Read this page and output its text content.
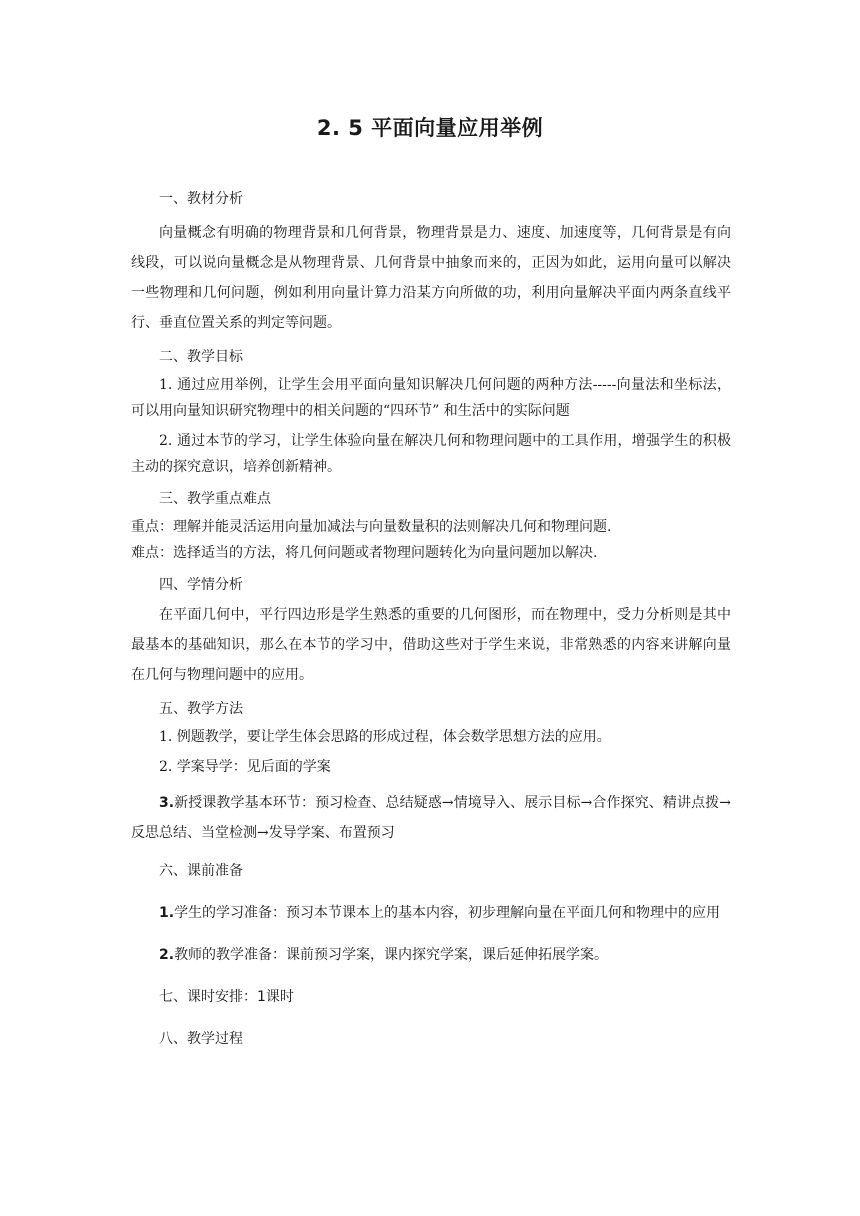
2. 5 平面向量应用举例
一、教材分析
向量概念有明确的物理背景和几何背景，物理背景是力、速度、加速度等，几何背景是有向线段，可以说向量概念是从物理背景、几何背景中抽象而来的，正因为如此，运用向量可以解决一些物理和几何问题，例如利用向量计算力沿某方向所做的功，利用向量解决平面内两条直线平行、垂直位置关系的判定等问题。
二、教学目标
1. 通过应用举例，让学生会用平面向量知识解决几何问题的两种方法-----向量法和坐标法，可以用向量知识研究物理中的相关问题的“四环节” 和生活中的实际问题
2. 通过本节的学习，让学生体验向量在解决几何和物理问题中的工具作用，增强学生的积极主动的探究意识，培养创新精神。
三、教学重点难点
重点：理解并能灵活运用向量加减法与向量数量积的法则解决几何和物理问题.
难点：选择适当的方法，将几何问题或者物理问题转化为向量问题加以解决.
四、学情分析
在平面几何中，平行四边形是学生熟悉的重要的几何图形，而在物理中，受力分析则是其中最基本的基础知识，那么在本节的学习中，借助这些对于学生来说，非常熟悉的内容来讲解向量在几何与物理问题中的应用。
五、教学方法
1. 例题教学，要让学生体会思路的形成过程，体会数学思想方法的应用。
2. 学案导学：见后面的学案
3.新授课教学基本环节：预习检查、总结疑惑→情境导入、展示目标→合作探究、精讲点拨→反思总结、当堂检测→发导学案、布置预习
六、课前准备
1.学生的学习准备：预习本节课本上的基本内容，初步理解向量在平面几何和物理中的应用
2.教师的教学准备：课前预习学案，课内探究学案，课后延伸拓展学案。
七、课时安排：1课时
八、教学过程
